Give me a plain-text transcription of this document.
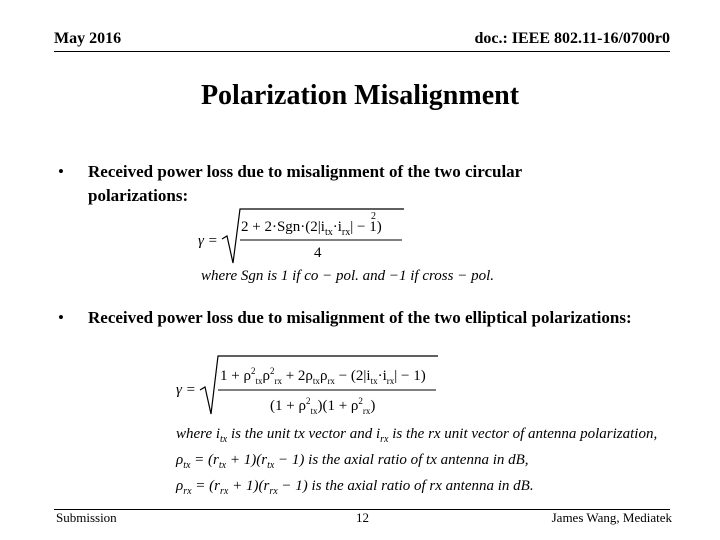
May 2016	doc.: IEEE 802.11-16/0700r0
Polarization Misalignment
• Received power loss due to misalignment of the two circular polarizations:
γ =
$2 + 2\cdot Sgn\cdot(2|i_{tx}\cdot i_{rx}| - 1)$
2
4
where Sgn is 1 if co − pol. and −1 if cross − pol.
• Received power loss due to misalignment of the two elliptical polarizations:
γ =
$1 + \rho^2_{tx}\rho^2_{rx} + 2\rho_{tx}\rho_{rx} - (2|i_{tx}\cdot i_{rx}| - 1)$
$(1 + \rho^2_{tx})(1 + \rho^2_{rx})$
where $i_{tx}$ is the unit tx vector and $i_{rx}$ is the rx unit vector of antenna polarization,
$\rho_{tx} = (r_{tx} + 1)(r_{tx} - 1)$ is the axial ratio of tx antenna in dB,
$\rho_{rx} = (r_{rx} + 1)(r_{rx} - 1)$ is the axial ratio of rx antenna in dB.
Submission	12	James Wang, Mediatek
